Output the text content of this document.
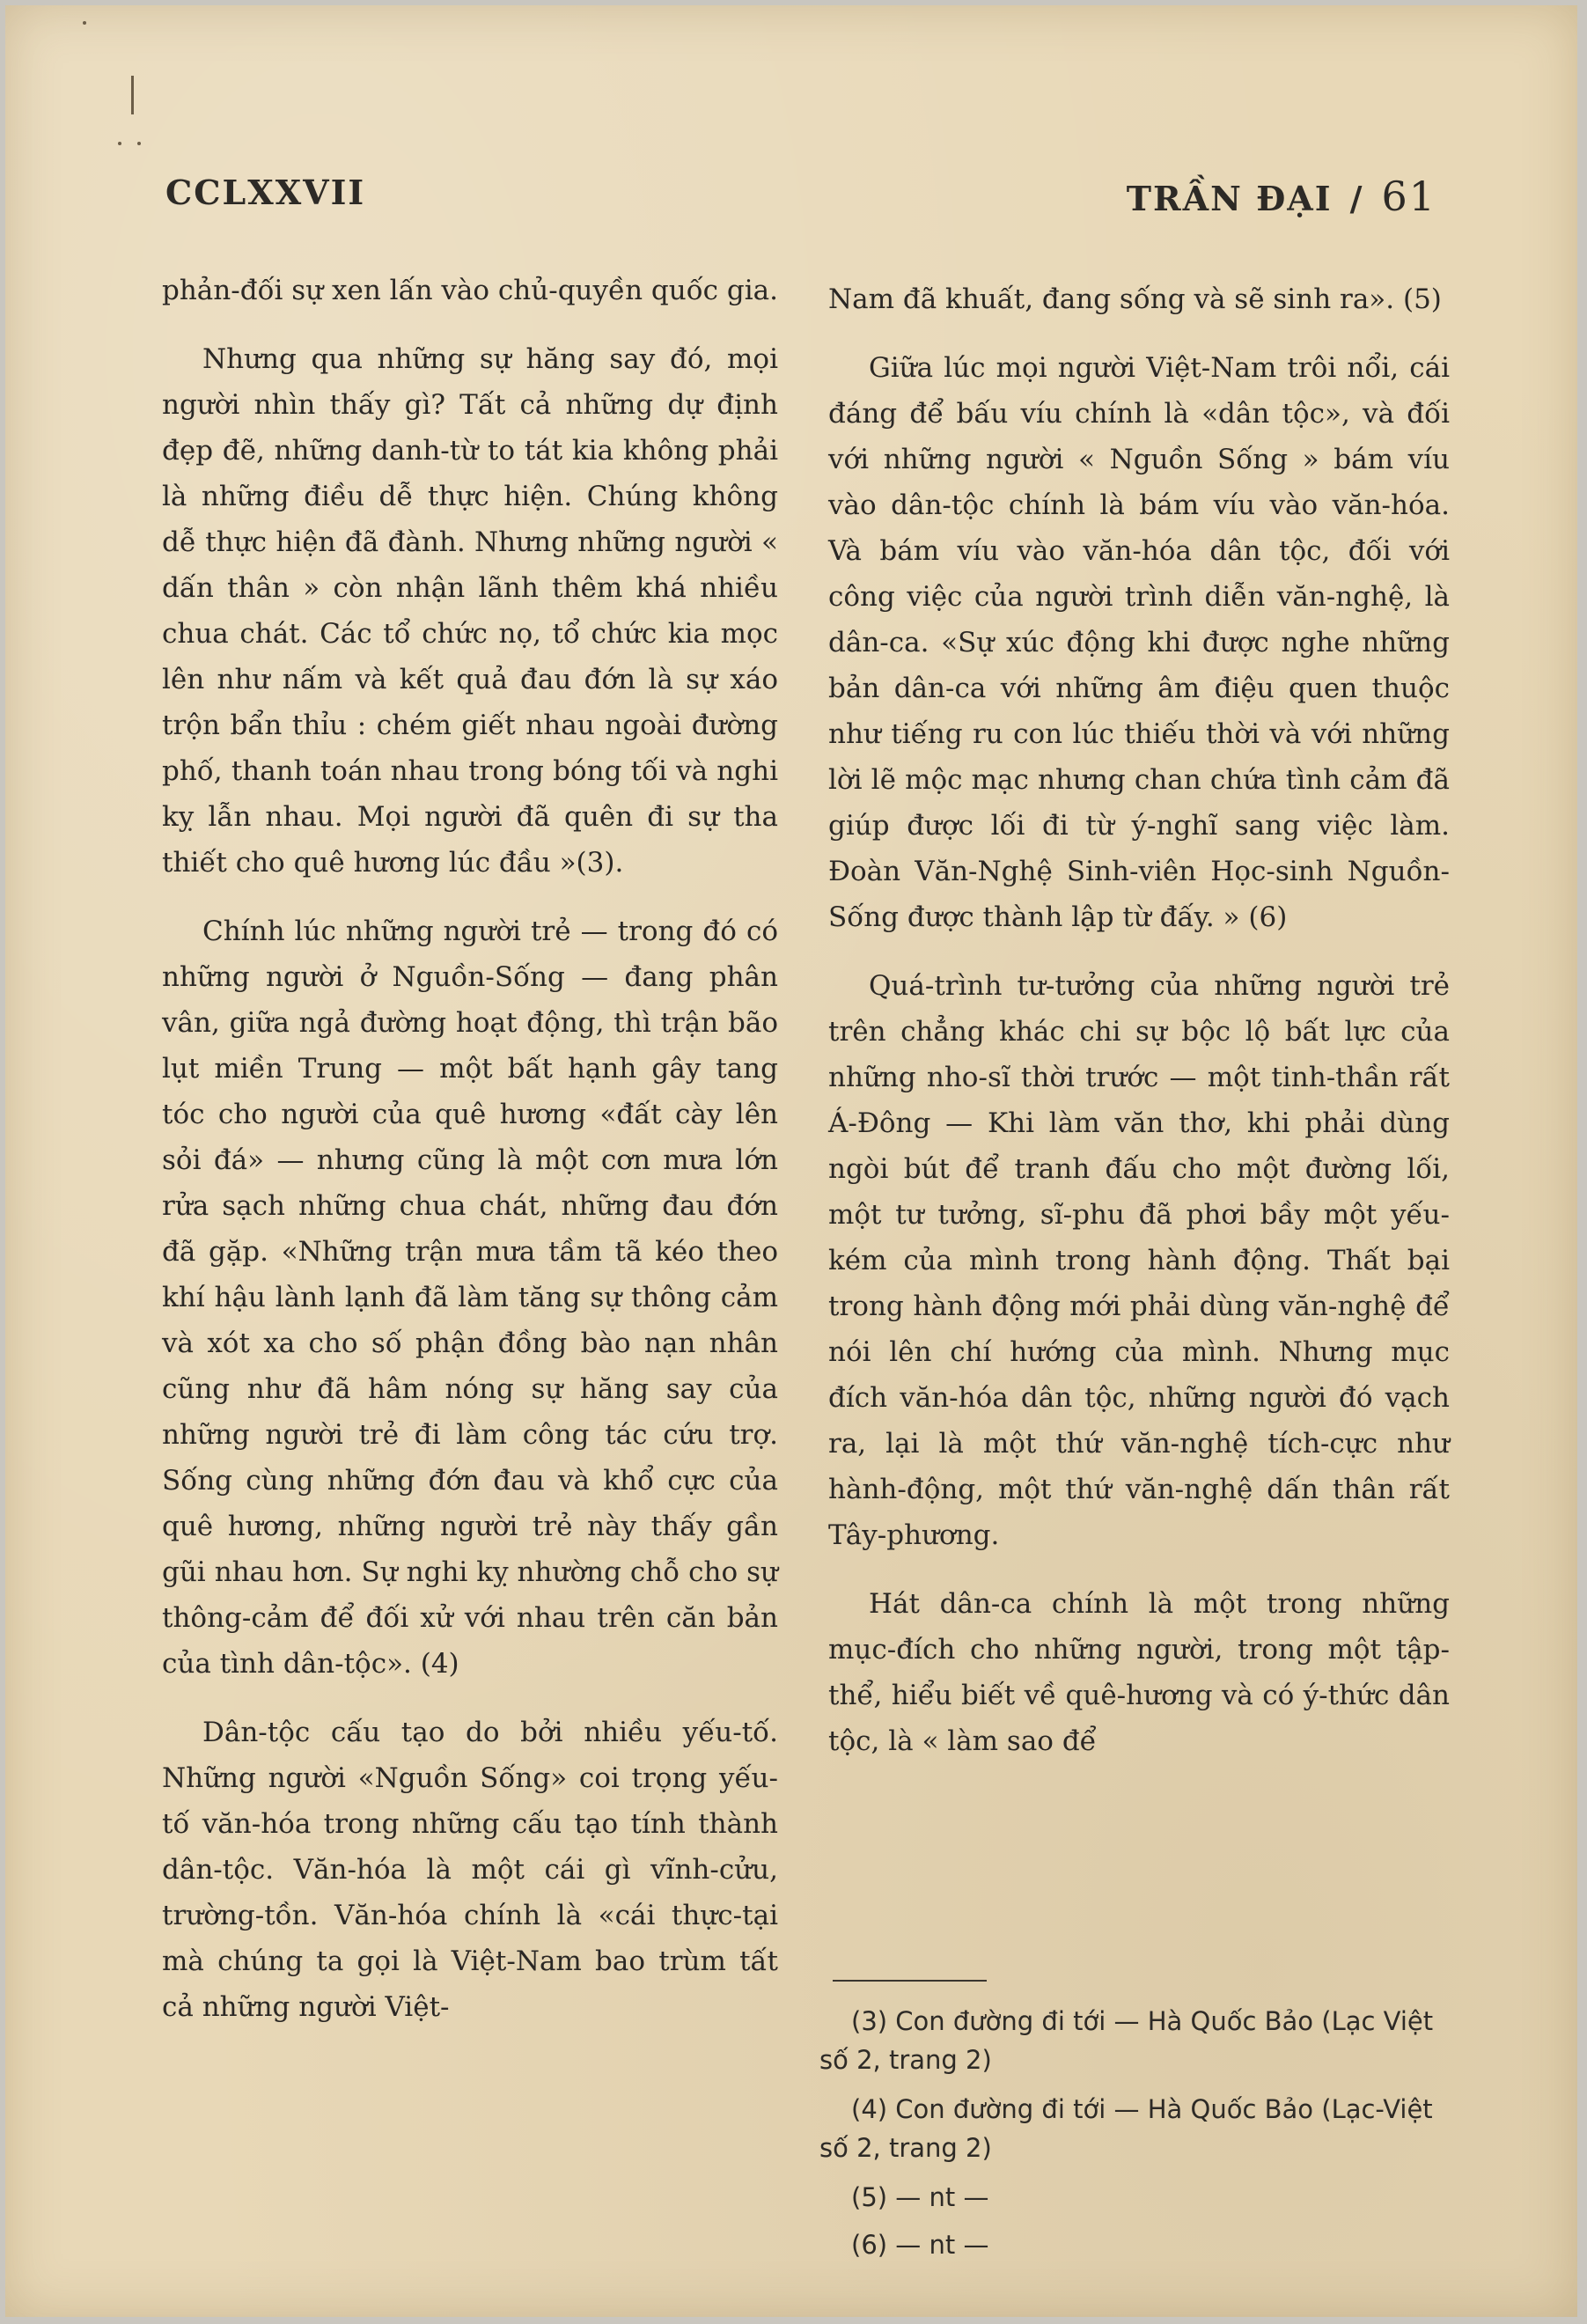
CCLXXVII	TRẦN ĐẠI / 61

phản-đối sự xen lấn vào chủ-quyền quốc gia.

Nhưng qua những sự hăng say đó, mọi người nhìn thấy gì? Tất cả những dự định đẹp đẽ, những danh-từ to tát kia không phải là những điều dễ thực hiện. Chúng không dễ thực hiện đã đành. Nhưng những người « dấn thân » còn nhận lãnh thêm khá nhiều chua chát. Các tổ chức nọ, tổ chức kia mọc lên như nấm và kết quả đau đớn là sự xáo trộn bẩn thỉu : chém giết nhau ngoài đường phố, thanh toán nhau trong bóng tối và nghi kỵ lẫn nhau. Mọi người đã quên đi sự tha thiết cho quê hương lúc đầu »(3).

Chính lúc những người trẻ — trong đó có những người ở Nguồn-Sống — đang phân vân, giữa ngả đường hoạt động, thì trận bão lụt miền Trung — một bất hạnh gây tang tóc cho người của quê hương «đất cày lên sỏi đá» — nhưng cũng là một cơn mưa lớn rửa sạch những chua chát, những đau đớn đã gặp. «Những trận mưa tầm tã kéo theo khí hậu lành lạnh đã làm tăng sự thông cảm và xót xa cho số phận đồng bào nạn nhân cũng như đã hâm nóng sự hăng say của những người trẻ đi làm công tác cứu trợ. Sống cùng những đớn đau và khổ cực của quê hương, những người trẻ này thấy gần gũi nhau hơn. Sự nghi kỵ nhường chỗ cho sự thông-cảm để đối xử với nhau trên căn bản của tình dân-tộc». (4)

Dân-tộc cấu tạo do bởi nhiều yếu-tố. Những người «Nguồn Sống» coi trọng yếu-tố văn-hóa trong những cấu tạo tính thành dân-tộc. Văn-hóa là một cái gì vĩnh-cửu, trường-tồn. Văn-hóa chính là «cái thực-tại mà chúng ta gọi là Việt-Nam bao trùm tất cả những người Việt-

Nam đã khuất, đang sống và sẽ sinh ra». (5)

Giữa lúc mọi người Việt-Nam trôi nổi, cái đáng để bấu víu chính là «dân tộc», và đối với những người « Nguồn Sống » bám víu vào dân-tộc chính là bám víu vào văn-hóa. Và bám víu vào văn-hóa dân tộc, đối với công việc của người trình diễn văn-nghệ, là dân-ca. «Sự xúc động khi được nghe những bản dân-ca với những âm điệu quen thuộc như tiếng ru con lúc thiếu thời và với những lời lẽ mộc mạc nhưng chan chứa tình cảm đã giúp được lối đi từ ý-nghĩ sang việc làm. Đoàn Văn-Nghệ Sinh-viên Học-sinh Nguồn-Sống được thành lập từ đấy. » (6)

Quá-trình tư-tưởng của những người trẻ trên chẳng khác chi sự bộc lộ bất lực của những nho-sĩ thời trước — một tinh-thần rất Á-Đông — Khi làm văn thơ, khi phải dùng ngòi bút để tranh đấu cho một đường lối, một tư tưởng, sĩ-phu đã phơi bầy một yếu-kém của mình trong hành động. Thất bại trong hành động mới phải dùng văn-nghệ để nói lên chí hướng của mình. Nhưng mục đích văn-hóa dân tộc, những người đó vạch ra, lại là một thứ văn-nghệ tích-cực như hành-động, một thứ văn-nghệ dấn thân rất Tây-phương.

Hát dân-ca chính là một trong những mục-đích cho những người, trong một tập-thể, hiểu biết về quê-hương và có ý-thức dân tộc, là « làm sao để

(3) Con đường đi tới — Hà Quốc Bảo (Lạc Việt số 2, trang 2)

(4) Con đường đi tới — Hà Quốc Bảo (Lạc-Việt số 2, trang 2)

(5) — nt —

(6) — nt —
